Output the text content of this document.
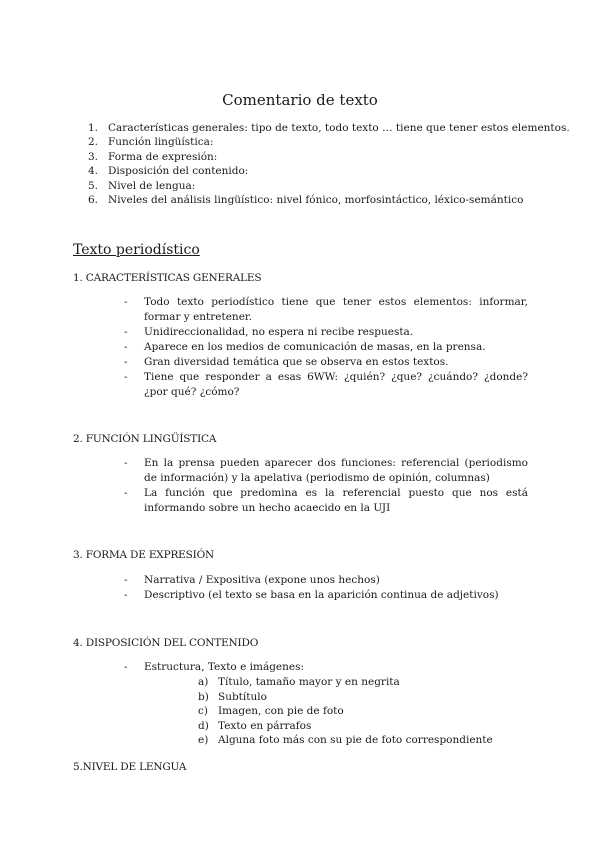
Comentario de texto
1. Características generales: tipo de texto, todo texto … tiene que tener estos elementos.
2. Función lingüística:
3. Forma de expresión:
4. Disposición del contenido:
5. Nivel de lengua:
6. Niveles del análisis lingüístico: nivel fónico, morfosintáctico, léxico-semántico
Texto periodístico
1. CARACTERÍSTICAS GENERALES
-	Todo texto periodístico tiene que tener estos elementos: informar, formar y entretener.
-	Unidireccionalidad, no espera ni recibe respuesta.
-	Aparece en los medios de comunicación de masas, en la prensa.
-	Gran diversidad temática que se observa en estos textos.
-	Tiene que responder a esas 6WW: ¿quién? ¿que? ¿cuándo? ¿donde? ¿por qué? ¿cómo?
2. FUNCIÓN LINGÜÍSTICA
-	En la prensa pueden aparecer dos funciones: referencial (periodismo de información) y la apelativa (periodismo de opinión, columnas)
-	La función que predomina es la referencial puesto que nos está informando sobre un hecho acaecido en la UJI
3. FORMA DE EXPRESIÓN
-	Narrativa / Expositiva (expone unos hechos)
-	Descriptivo (el texto se basa en la aparición continua de adjetivos)
4. DISPOSICIÓN DEL CONTENIDO
-	Estructura, Texto e imágenes:
a) Título, tamaño mayor y en negrita
b) Subtítulo
c) Imagen, con pie de foto
d) Texto en párrafos
e) Alguna foto más con su pie de foto correspondiente
5.NIVEL DE LENGUA
